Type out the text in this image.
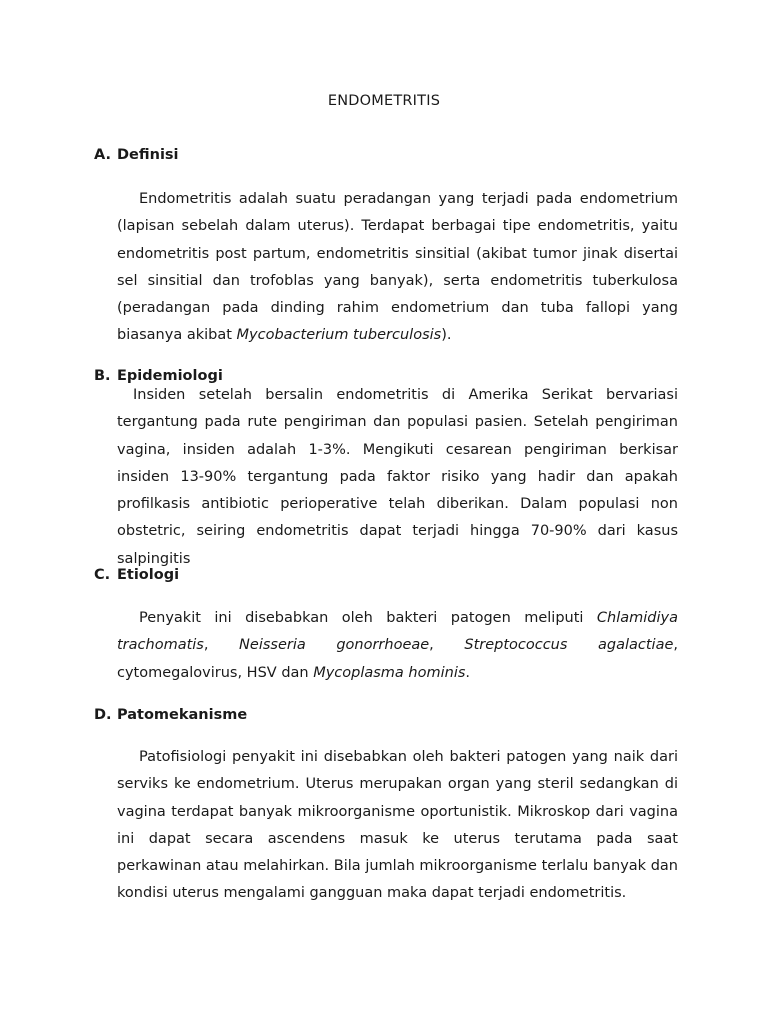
ENDOMETRITIS
A. Definisi
Endometritis adalah suatu peradangan yang terjadi pada endometrium (lapisan sebelah dalam uterus). Terdapat berbagai tipe endometritis, yaitu endometritis post partum, endometritis sinsitial (akibat tumor jinak disertai sel sinsitial dan trofoblas yang banyak), serta endometritis tuberkulosa (peradangan pada dinding rahim endometrium dan tuba fallopi yang biasanya akibat Mycobacterium tuberculosis).
B. Epidemiologi
Insiden setelah bersalin endometritis di Amerika Serikat bervariasi tergantung pada rute pengiriman dan populasi pasien. Setelah pengiriman vagina, insiden adalah 1-3%. Mengikuti cesarean pengiriman berkisar insiden 13-90% tergantung pada faktor risiko yang hadir dan apakah profilkasis antibiotic perioperative telah diberikan. Dalam populasi non obstetric, seiring endometritis dapat terjadi hingga 70-90% dari kasus salpingitis
C. Etiologi
Penyakit ini disebabkan oleh bakteri patogen meliputi Chlamidiya trachomatis, Neisseria gonorrhoeae, Streptococcus agalactiae, cytomegalovirus, HSV dan Mycoplasma hominis.
D. Patomekanisme
Patofisiologi penyakit ini disebabkan oleh bakteri patogen yang naik dari serviks ke endometrium. Uterus merupakan organ yang steril sedangkan di vagina terdapat banyak mikroorganisme oportunistik. Mikroskop dari vagina ini dapat secara ascendens masuk ke uterus terutama pada saat perkawinan atau melahirkan. Bila jumlah mikroorganisme terlalu banyak dan kondisi uterus mengalami gangguan maka dapat terjadi endometritis.
